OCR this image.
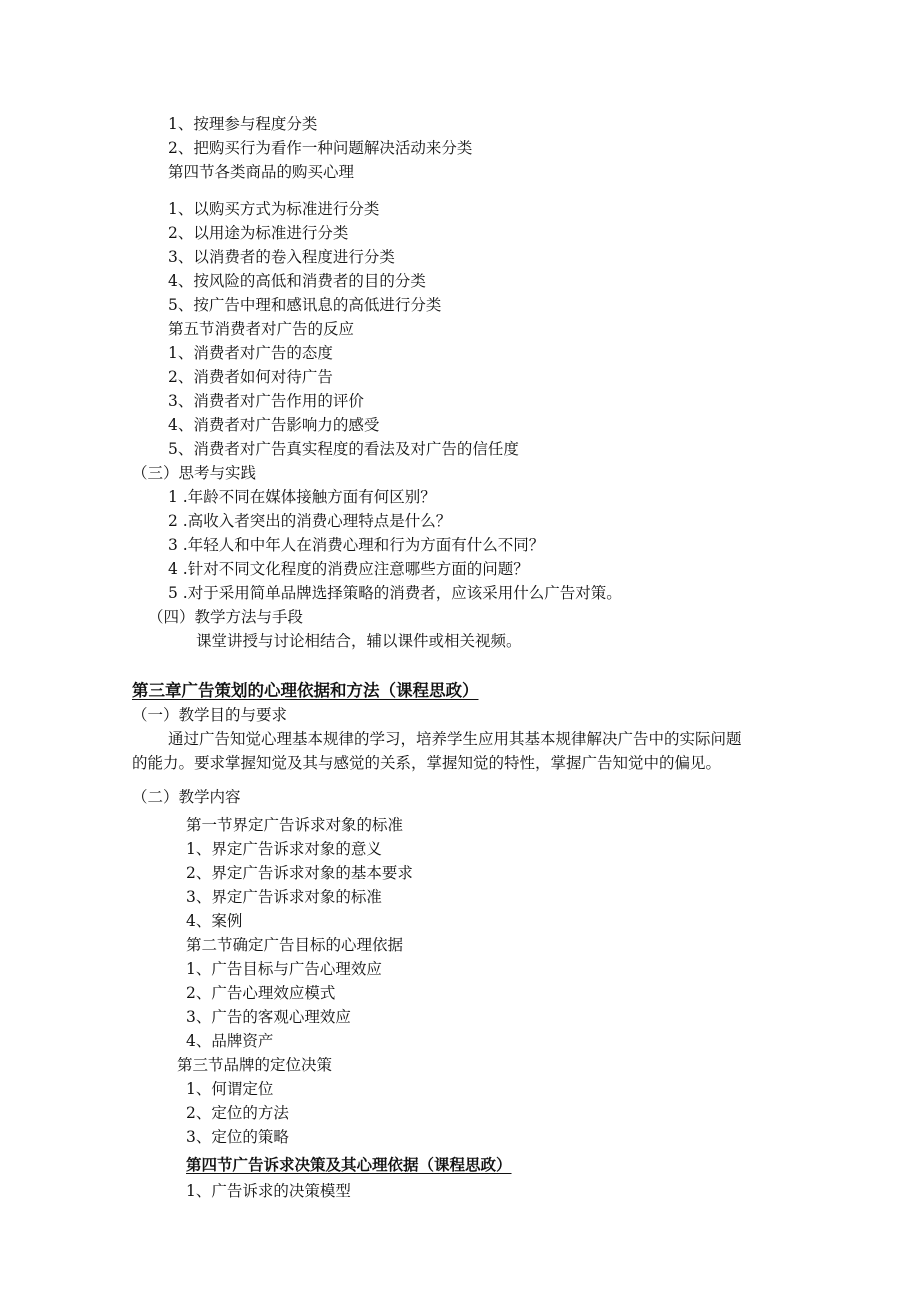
1、按理参与程度分类
2、把购买行为看作一种问题解决活动来分类
第四节各类商品的购买心理
1、以购买方式为标准进行分类
2、以用途为标准进行分类
3、以消费者的卷入程度进行分类
4、按风险的高低和消费者的目的分类
5、按广告中理和感讯息的高低进行分类
第五节消费者对广告的反应
1、消费者对广告的态度
2、消费者如何对待广告
3、消费者对广告作用的评价
4、消费者对广告影响力的感受
5、消费者对广告真实程度的看法及对广告的信任度
（三）思考与实践
1 .年龄不同在媒体接触方面有何区别？
2 .高收入者突出的消费心理特点是什么？
3 .年轻人和中年人在消费心理和行为方面有什么不同？
4 .针对不同文化程度的消费应注意哪些方面的问题？
5 .对于采用简单品牌选择策略的消费者，应该采用什么广告对策。
（四）教学方法与手段
课堂讲授与讨论相结合，辅以课件或相关视频。
第三章广告策划的心理依据和方法（课程思政）
（一）教学目的与要求
通过广告知觉心理基本规律的学习，培养学生应用其基本规律解决广告中的实际问题
的能力。要求掌握知觉及其与感觉的关系，掌握知觉的特性，掌握广告知觉中的偏见。
（二）教学内容
第一节界定广告诉求对象的标准
1、界定广告诉求对象的意义
2、界定广告诉求对象的基本要求
3、界定广告诉求对象的标准
4、案例
第二节确定广告目标的心理依据
1、广告目标与广告心理效应
2、广告心理效应模式
3、广告的客观心理效应
4、品牌资产
第三节品牌的定位决策
1、何谓定位
2、定位的方法
3、定位的策略
第四节广告诉求决策及其心理依据（课程思政）
1、广告诉求的决策模型
